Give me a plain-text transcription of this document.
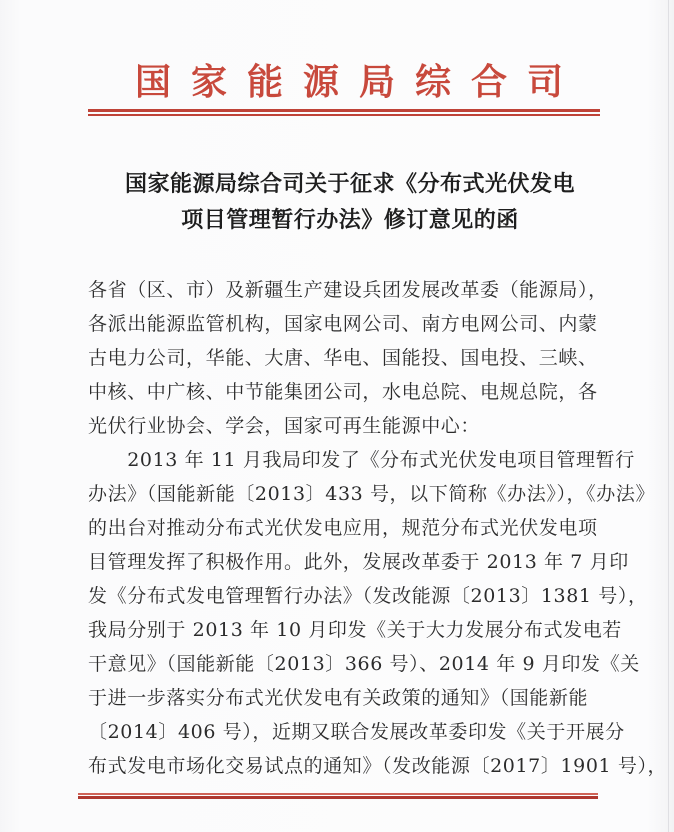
国家能源局综合司
国家能源局综合司关于征求《分布式光伏发电
项目管理暂行办法》修订意见的函
各省（区、市）及新疆生产建设兵团发展改革委（能源局），
各派出能源监管机构，国家电网公司、南方电网公司、内蒙
古电力公司，华能、大唐、华电、国能投、国电投、三峡、
中核、中广核、中节能集团公司，水电总院、电规总院，各
光伏行业协会、学会，国家可再生能源中心：
　　2013 年 11 月我局印发了《分布式光伏发电项目管理暂行
办法》（国能新能〔2013〕433 号，以下简称《办法》），《办法》
的出台对推动分布式光伏发电应用，规范分布式光伏发电项
目管理发挥了积极作用。此外，发展改革委于 2013 年 7 月印
发《分布式发电管理暂行办法》（发改能源〔2013〕1381 号），
我局分别于 2013 年 10 月印发《关于大力发展分布式发电若
干意见》（国能新能〔2013〕366 号）、2014 年 9 月印发《关
于进一步落实分布式光伏发电有关政策的通知》（国能新能
〔2014〕406 号），近期又联合发展改革委印发《关于开展分
布式发电市场化交易试点的通知》（发改能源〔2017〕1901 号），
